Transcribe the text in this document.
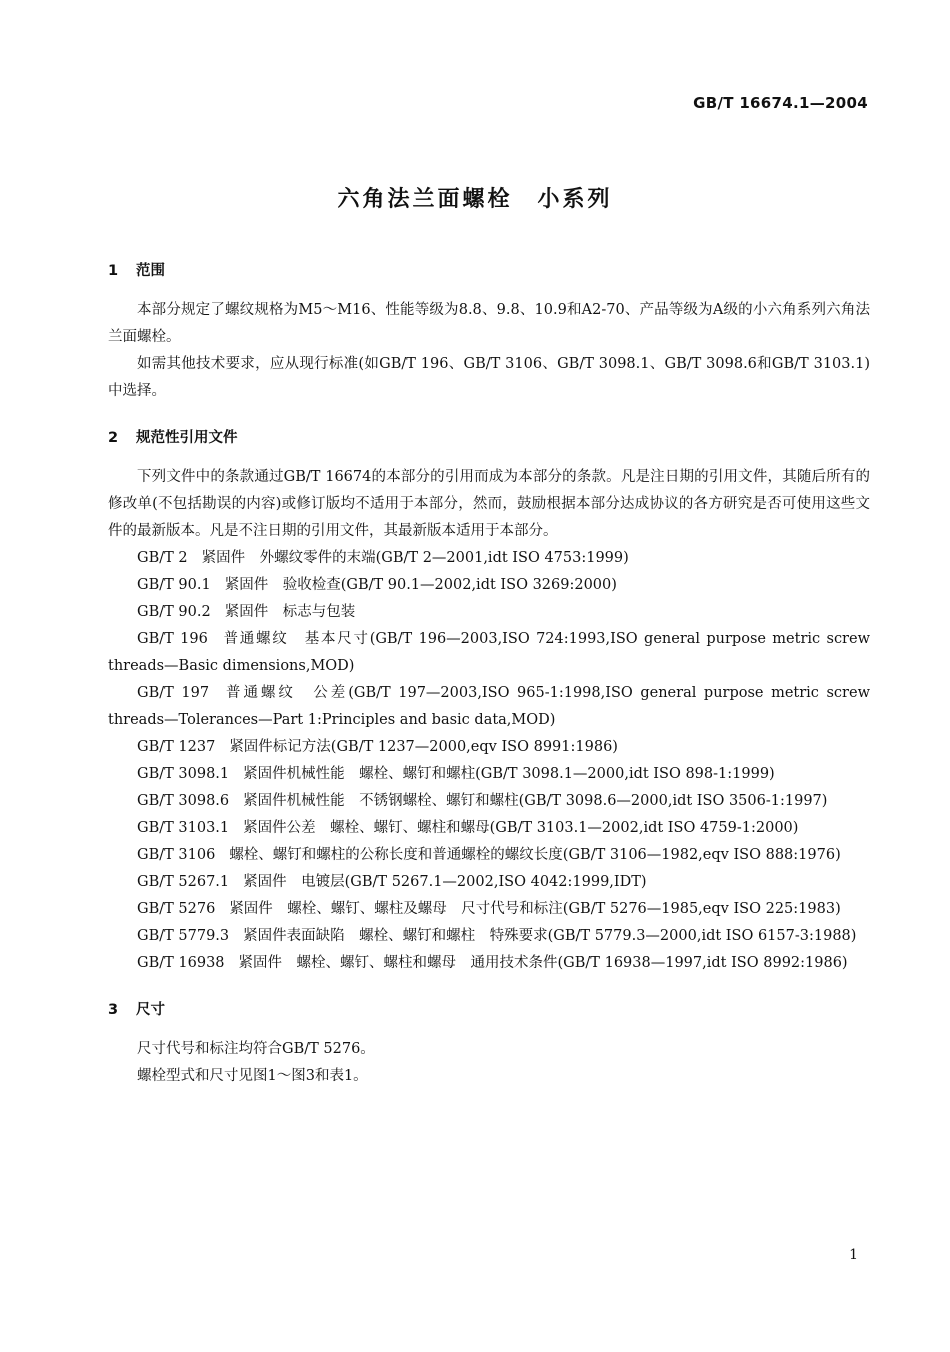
GB/T 16674.1—2004
六角法兰面螺栓　小系列
1 范围

本部分规定了螺纹规格为M5～M16、性能等级为8.8、9.8、10.9和A2-70、产品等级为A级的小六角系列六角法兰面螺栓。

如需其他技术要求，应从现行标准(如GB/T 196、GB/T 3106、GB/T 3098.1、GB/T 3098.6和GB/T 3103.1)中选择。

2 规范性引用文件

下列文件中的条款通过GB/T 16674的本部分的引用而成为本部分的条款。凡是注日期的引用文件，其随后所有的修改单(不包括勘误的内容)或修订版均不适用于本部分，然而，鼓励根据本部分达成协议的各方研究是否可使用这些文件的最新版本。凡是不注日期的引用文件，其最新版本适用于本部分。

GB/T 2 紧固件　外螺纹零件的末端(GB/T 2—2001,idt ISO 4753:1999)

GB/T 90.1 紧固件　验收检查(GB/T 90.1—2002,idt ISO 3269:2000)

GB/T 90.2 紧固件　标志与包装

GB/T 196 普通螺纹　基本尺寸(GB/T 196—2003,ISO 724:1993,ISO general purpose metric screw threads—Basic dimensions,MOD)

GB/T 197 普通螺纹　公差(GB/T 197—2003,ISO 965-1:1998,ISO general purpose metric screw threads—Tolerances—Part 1:Principles and basic data,MOD)

GB/T 1237 紧固件标记方法(GB/T 1237—2000,eqv ISO 8991:1986)

GB/T 3098.1 紧固件机械性能　螺栓、螺钉和螺柱(GB/T 3098.1—2000,idt ISO 898-1:1999)

GB/T 3098.6 紧固件机械性能　不锈钢螺栓、螺钉和螺柱(GB/T 3098.6—2000,idt ISO 3506-1:1997)

GB/T 3103.1 紧固件公差　螺栓、螺钉、螺柱和螺母(GB/T 3103.1—2002,idt ISO 4759-1:2000)

GB/T 3106 螺栓、螺钉和螺柱的公称长度和普通螺栓的螺纹长度(GB/T 3106—1982,eqv ISO 888:1976)

GB/T 5267.1 紧固件　电镀层(GB/T 5267.1—2002,ISO 4042:1999,IDT)

GB/T 5276 紧固件　螺栓、螺钉、螺柱及螺母　尺寸代号和标注(GB/T 5276—1985,eqv ISO 225:1983)

GB/T 5779.3 紧固件表面缺陷　螺栓、螺钉和螺柱　特殊要求(GB/T 5779.3—2000,idt ISO 6157-3:1988)

GB/T 16938 紧固件　螺栓、螺钉、螺柱和螺母　通用技术条件(GB/T 16938—1997,idt ISO 8992:1986)

3 尺寸

尺寸代号和标注均符合GB/T 5276。

螺栓型式和尺寸见图1～图3和表1。

1
